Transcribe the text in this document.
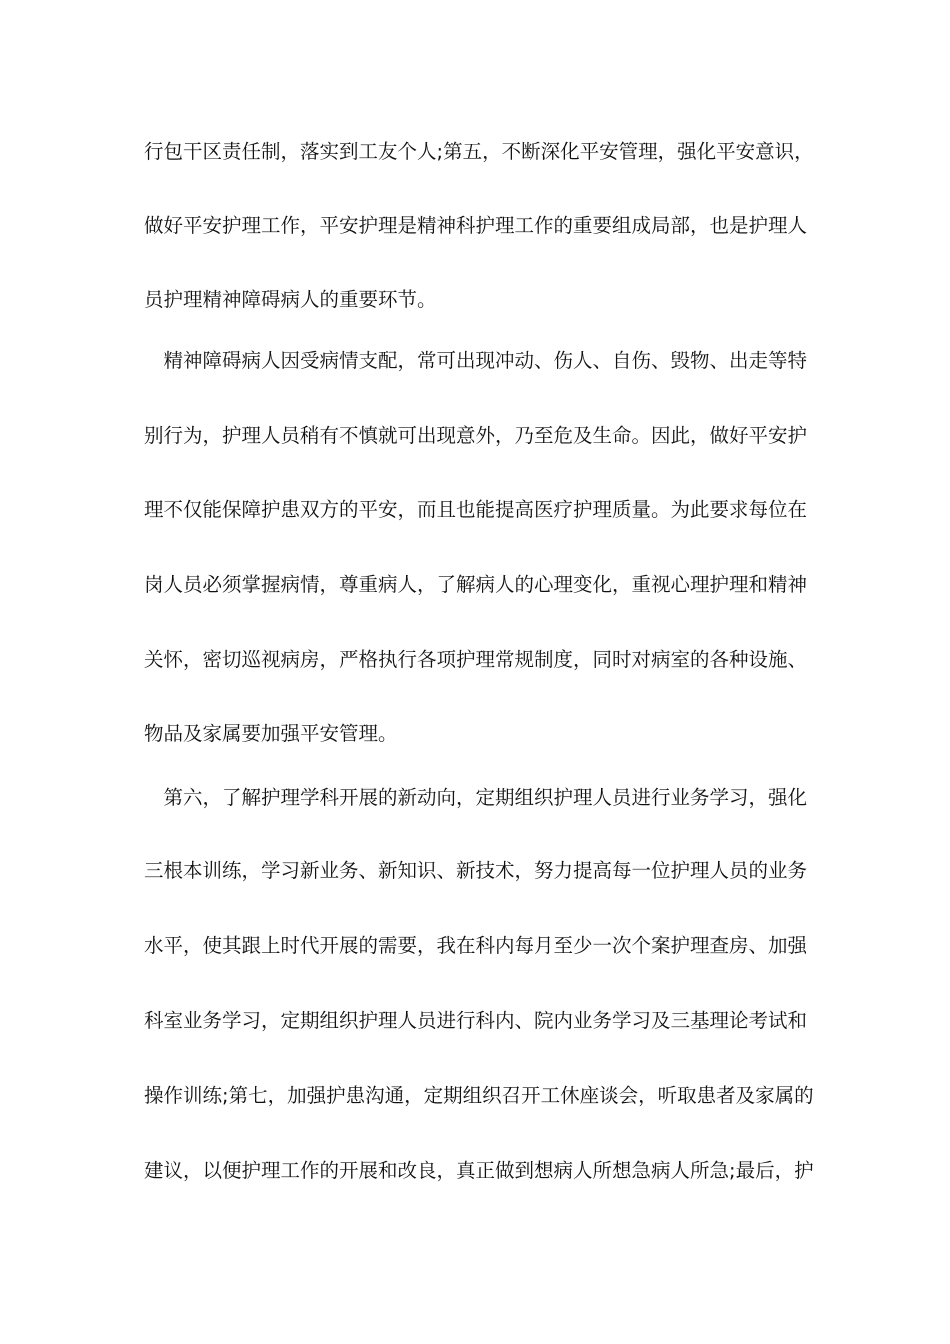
行包干区责任制，落实到工友个人;第五，不断深化平安管理，强化平安意识，
做好平安护理工作，平安护理是精神科护理工作的重要组成局部，也是护理人
员护理精神障碍病人的重要环节。
　精神障碍病人因受病情支配，常可出现冲动、伤人、自伤、毁物、出走等特
别行为，护理人员稍有不慎就可出现意外，乃至危及生命。因此，做好平安护
理不仅能保障护患双方的平安，而且也能提高医疗护理质量。为此要求每位在
岗人员必须掌握病情，尊重病人，了解病人的心理变化，重视心理护理和精神
关怀，密切巡视病房，严格执行各项护理常规制度，同时对病室的各种设施、
物品及家属要加强平安管理。
　第六，了解护理学科开展的新动向，定期组织护理人员进行业务学习，强化
三根本训练，学习新业务、新知识、新技术，努力提高每一位护理人员的业务
水平，使其跟上时代开展的需要，我在科内每月至少一次个案护理查房、加强
科室业务学习，定期组织护理人员进行科内、院内业务学习及三基理论考试和
操作训练;第七，加强护患沟通，定期组织召开工休座谈会，听取患者及家属的
建议，以便护理工作的开展和改良，真正做到想病人所想急病人所急;最后，护
